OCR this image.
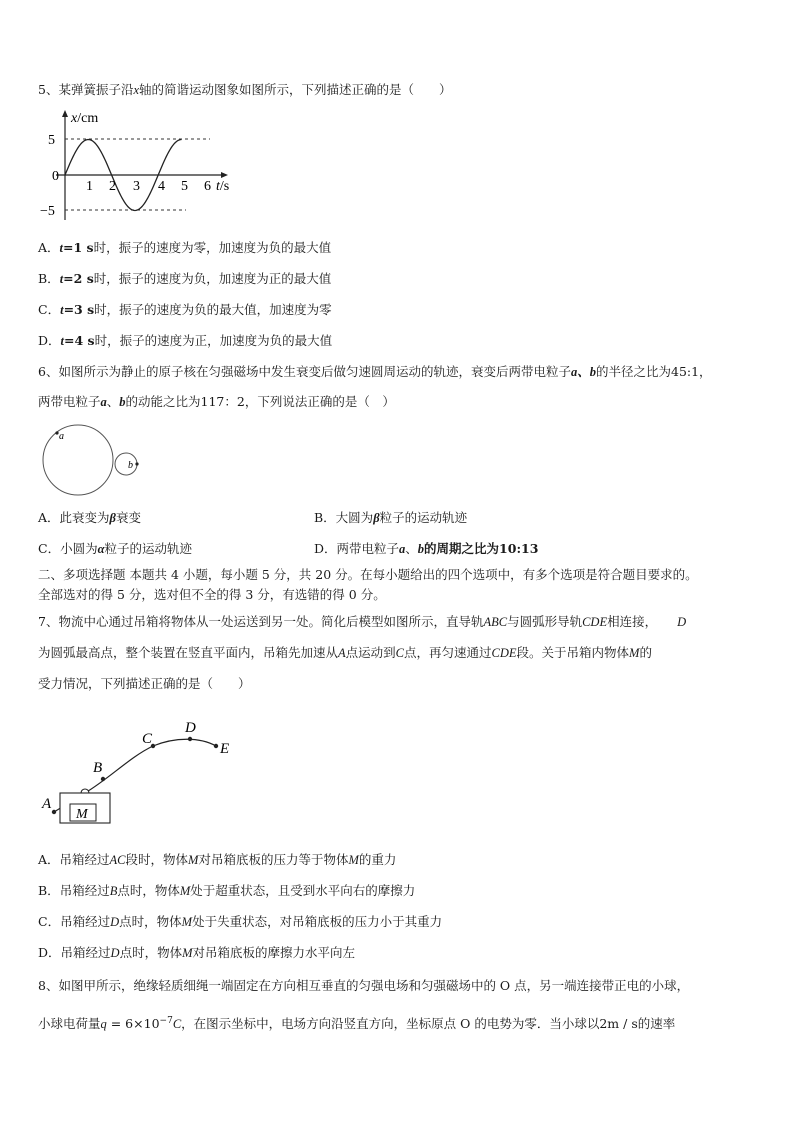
5、某弹簧振子沿x轴的简谐运动图象如图所示，下列描述正确的是（　　）
x/cm
5
0
−5
1 2 3 4 5 6 t/s
A．t=1 s时，振子的速度为零，加速度为负的最大值
B．t=2 s时，振子的速度为负，加速度为正的最大值
C．t=3 s时，振子的速度为负的最大值，加速度为零
D．t=4 s时，振子的速度为正，加速度为负的最大值
6、如图所示为静止的原子核在匀强磁场中发生衰变后做匀速圆周运动的轨迹，衰变后两带电粒子a、b的半径之比为45:1，
两带电粒子a、b的动能之比为117：2，下列说法正确的是（　）
a
b
A．此衰变为β衰变	B．大圆为β粒子的运动轨迹
C．小圆为α粒子的运动轨迹	D．两带电粒子a、b的周期之比为10:13
二、多项选择题 本题共 4 小题，每小题 5 分，共 20 分。在每小题给出的四个选项中，有多个选项是符合题目要求的。
全部选对的得 5 分，选对但不全的得 3 分，有选错的得 0 分。
7、物流中心通过吊箱将物体从一处运送到另一处。简化后模型如图所示，直导轨ABC与圆弧形导轨CDE相连接， D
为圆弧最高点，整个装置在竖直平面内，吊箱先加速从A点运动到C点，再匀速通过CDE段。关于吊箱内物体M的
受力情况，下列描述正确的是（　　）
A
B
C
D
E
M
A．吊箱经过AC段时，物体M对吊箱底板的压力等于物体M的重力
B．吊箱经过B点时，物体M处于超重状态，且受到水平向右的摩擦力
C．吊箱经过D点时，物体M处于失重状态，对吊箱底板的压力小于其重力
D．吊箱经过D点时，物体M对吊箱底板的摩擦力水平向左
8、如图甲所示，绝缘轻质细绳一端固定在方向相互垂直的匀强电场和匀强磁场中的 O 点，另一端连接带正电的小球，
小球电荷量$q = 6\times 10^{-7}C$，在图示坐标中，电场方向沿竖直方向，坐标原点 O 的电势为零．当小球以2m / s的速率
